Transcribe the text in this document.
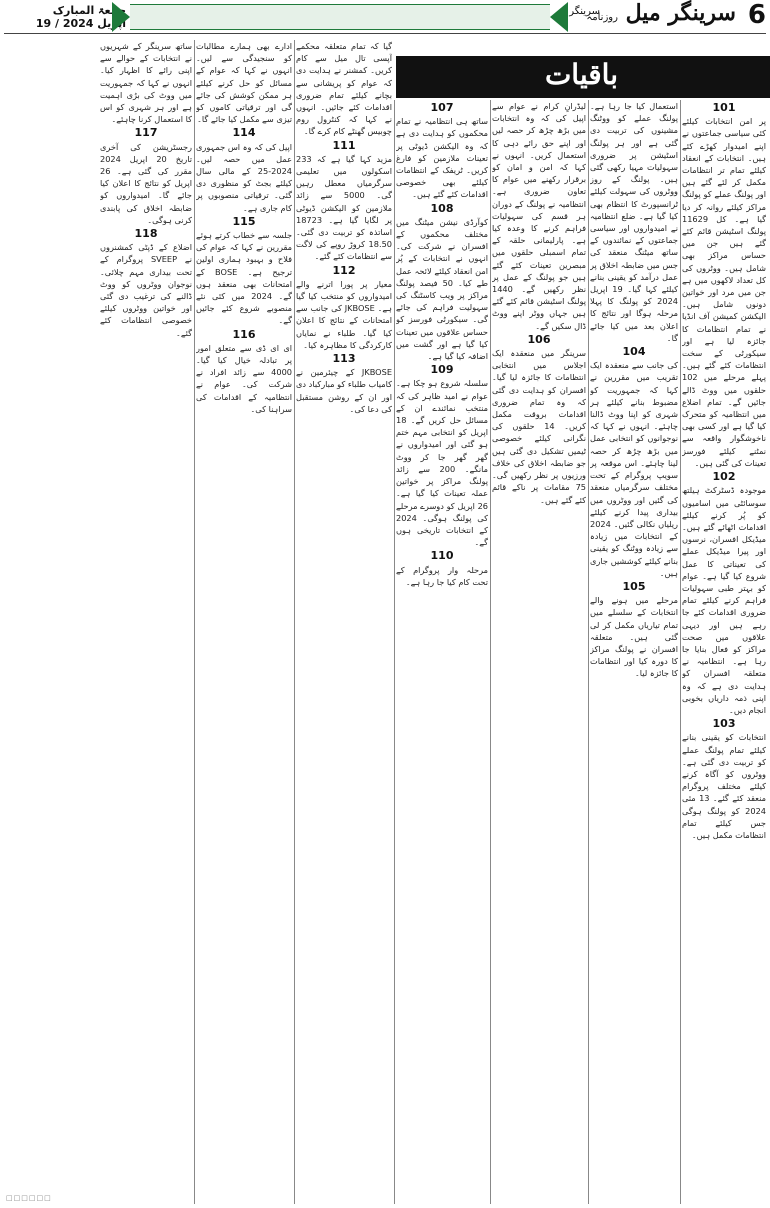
جمعۃ المبارک
19 / اپریل 2024
سرینگر	سرینگر میل روزنامہ	6
باقیات
101

پر امن انتخابات کیلئے کئی سیاسی جماعتوں نے اپنے امیدوار کھڑے کئے ہیں۔ انتخابات کے انعقاد کیلئے تمام تر انتظامات مکمل کر لئے گئے ہیں اور پولنگ عملے کو پولنگ مراکز کیلئے روانہ کر دیا گیا ہے۔ کل 11629 پولنگ اسٹیشن قائم کئے گئے ہیں جن میں حساس مراکز بھی شامل ہیں۔ ووٹروں کی کل تعداد لاکھوں میں ہے جن میں مرد اور خواتین دونوں شامل ہیں۔ الیکشن کمیشن آف انڈیا نے تمام انتظامات کا جائزہ لیا ہے اور سیکورٹی کے سخت انتظامات کئے گئے ہیں۔ پہلے مرحلے میں 102 حلقوں میں ووٹ ڈالے جائیں گے۔ تمام اضلاع میں انتظامیہ کو متحرک کیا گیا ہے اور کسی بھی ناخوشگوار واقعہ سے نمٹنے کیلئے فورسز تعینات کی گئی ہیں۔

102

موجودہ ڈسٹرکٹ ہیلتھ سوسائٹی میں اسامیوں کو پُر کرنے کیلئے اقدامات اٹھائے گئے ہیں۔ میڈیکل افسران، نرسوں اور پیرا میڈیکل عملے کی تعیناتی کا عمل شروع کیا گیا ہے۔ عوام کو بہتر طبی سہولیات فراہم کرنے کیلئے تمام ضروری اقدامات کئے جا رہے ہیں اور دیہی علاقوں میں صحت مراکز کو فعال بنایا جا رہا ہے۔ انتظامیہ نے متعلقہ افسران کو ہدایت دی ہے کہ وہ اپنی ذمہ داریاں بخوبی انجام دیں۔

103

انتخابات کو یقینی بنانے کیلئے تمام پولنگ عملے کو تربیت دی گئی ہے۔ ووٹروں کو آگاہ کرنے کیلئے مختلف پروگرام منعقد کئے گئے۔ 13 مئی 2024 کو پولنگ ہوگی جس کیلئے تمام انتظامات مکمل ہیں۔

استعمال کیا جا رہا ہے۔ پولنگ عملے کو ووٹنگ مشینوں کی تربیت دی گئی ہے اور ہر پولنگ اسٹیشن پر ضروری سہولیات مہیا رکھی گئی ہیں۔ پولنگ کے روز ووٹروں کی سہولت کیلئے ٹرانسپورٹ کا انتظام بھی کیا گیا ہے۔ ضلع انتظامیہ نے امیدواروں اور سیاسی جماعتوں کے نمائندوں کے ساتھ میٹنگ منعقد کی جس میں ضابطہ اخلاق پر عمل درآمد کو یقینی بنانے کیلئے کہا گیا۔ 19 اپریل 2024 کو پولنگ کا پہلا مرحلہ ہوگا اور نتائج کا اعلان بعد میں کیا جائے گا۔

104

کی جانب سے منعقدہ ایک تقریب میں مقررین نے کہا کہ جمہوریت کو مضبوط بنانے کیلئے ہر شہری کو اپنا ووٹ ڈالنا چاہئے۔ انہوں نے کہا کہ نوجوانوں کو انتخابی عمل میں بڑھ چڑھ کر حصہ لینا چاہئے۔ اس موقعہ پر سویپ پروگرام کے تحت مختلف سرگرمیاں منعقد کی گئیں اور ووٹروں میں بیداری پیدا کرنے کیلئے ریلیاں نکالی گئیں۔ 2024 کے انتخابات میں زیادہ سے زیادہ ووٹنگ کو یقینی بنانے کیلئے کوششیں جاری ہیں۔

105

مرحلے میں ہونے والے انتخابات کے سلسلے میں تمام تیاریاں مکمل کر لی گئی ہیں۔ متعلقہ افسران نے پولنگ مراکز کا دورہ کیا اور انتظامات کا جائزہ لیا۔

لیڈرانِ کرام نے عوام سے اپیل کی کہ وہ انتخابات میں بڑھ چڑھ کر حصہ لیں اور اپنے حق رائے دہی کا استعمال کریں۔ انہوں نے کہا کہ امن و امان کو برقرار رکھنے میں عوام کا تعاون ضروری ہے۔ انتظامیہ نے پولنگ کے دوران ہر قسم کی سہولیات فراہم کرنے کا وعدہ کیا ہے۔ پارلیمانی حلقہ کے تمام اسمبلی حلقوں میں مبصرین تعینات کئے گئے ہیں جو پولنگ کے عمل پر نظر رکھیں گے۔ 1440 پولنگ اسٹیشن قائم کئے گئے ہیں جہاں ووٹر اپنے ووٹ ڈال سکیں گے۔

106

سرینگر میں منعقدہ ایک اجلاس میں انتخابی انتظامات کا جائزہ لیا گیا۔ افسران کو ہدایت دی گئی کہ وہ تمام ضروری اقدامات بروقت مکمل کریں۔ 14 حلقوں کی نگرانی کیلئے خصوصی ٹیمیں تشکیل دی گئی ہیں جو ضابطہ اخلاق کی خلاف ورزیوں پر نظر رکھیں گی۔ 75 مقامات پر ناکے قائم کئے گئے ہیں۔

107

ساتھ ہی انتظامیہ نے تمام محکموں کو ہدایت دی ہے کہ وہ الیکشن ڈیوٹی پر تعینات ملازمین کو فارغ کریں۔ ٹریفک کے انتظامات کیلئے بھی خصوصی اقدامات کئے گئے ہیں۔

108

کوآرڈی نیشن میٹنگ میں مختلف محکموں کے افسران نے شرکت کی۔ انہوں نے انتخابات کے پُر امن انعقاد کیلئے لائحہ عمل طے کیا۔ 50 فیصد پولنگ مراکز پر ویب کاسٹنگ کی سہولیت فراہم کی جائے گی۔ سیکورٹی فورسز کو حساس علاقوں میں تعینات کیا گیا ہے اور گشت میں اضافہ کیا گیا ہے۔

109

سلسلہ شروع ہو چکا ہے۔ عوام نے امید ظاہر کی کہ منتخب نمائندے ان کے مسائل حل کریں گے۔ 18 اپریل کو انتخابی مہم ختم ہو گئی اور امیدواروں نے گھر گھر جا کر ووٹ مانگے۔ 200 سے زائد پولنگ مراکز پر خواتین عملہ تعینات کیا گیا ہے۔ 26 اپریل کو دوسرے مرحلے کی پولنگ ہوگی۔ 2024 کے انتخابات تاریخی ہوں گے۔

110

مرحلہ وار پروگرام کے تحت کام کیا جا رہا ہے۔

گیا کہ تمام متعلقہ محکمے آپسی تال میل سے کام کریں۔ کمشنر نے ہدایت دی کہ عوام کو پریشانی سے بچانے کیلئے تمام ضروری اقدامات کئے جائیں۔ انہوں نے کہا کہ کنٹرول روم چوبیس گھنٹے کام کرے گا۔

111

مزید کہا گیا ہے کہ 233 اسکولوں میں تعلیمی سرگرمیاں معطل رہیں گی۔ 5000 سے زائد ملازمین کو الیکشن ڈیوٹی پر لگایا گیا ہے۔ 18723 اساتذہ کو تربیت دی گئی۔ 18.50 کروڑ روپے کی لاگت سے انتظامات کئے گئے۔

112

معیار پر پورا اترنے والے امیدواروں کو منتخب کیا گیا ہے۔ JKBOSE کی جانب سے امتحانات کے نتائج کا اعلان کیا گیا۔ طلباء نے نمایاں کارکردگی کا مظاہرہ کیا۔

113

JKBOSE کے چیئرمین نے کامیاب طلباء کو مبارکباد دی اور ان کے روشن مستقبل کی دعا کی۔

ادارے بھی ہمارے مطالبات کو سنجیدگی سے لیں۔ انہوں نے کہا کہ عوام کے مسائل کو حل کرنے کیلئے ہر ممکن کوشش کی جائے گی اور ترقیاتی کاموں کو تیزی سے مکمل کیا جائے گا۔

114

اپیل کی کہ وہ اس جمہوری عمل میں حصہ لیں۔ 2024-25 کے مالی سال کیلئے بجٹ کو منظوری دی گئی۔ ترقیاتی منصوبوں پر کام جاری ہے۔

115

جلسہ سے خطاب کرتے ہوئے مقررین نے کہا کہ عوام کی فلاح و بہبود ہماری اولین ترجیح ہے۔ BOSE کے امتحانات بھی منعقد ہوں گے۔ 2024 میں کئی نئے منصوبے شروع کئے جائیں گے۔

116

ای ای ڈی سے متعلق امور پر تبادلہ خیال کیا گیا۔ 4000 سے زائد افراد نے شرکت کی۔ عوام نے انتظامیہ کے اقدامات کی سراہنا کی۔

ساتھ سرینگر کے شہریوں نے انتخابات کے حوالے سے اپنی رائے کا اظہار کیا۔ انہوں نے کہا کہ جمہوریت میں ووٹ کی بڑی اہمیت ہے اور ہر شہری کو اس کا استعمال کرنا چاہئے۔

117

رجسٹریشن کی آخری تاریخ 20 اپریل 2024 مقرر کی گئی ہے۔ 26 اپریل کو نتائج کا اعلان کیا جائے گا۔ امیدواروں کو ضابطہ اخلاق کی پابندی کرنی ہوگی۔

118

اضلاع کے ڈپٹی کمشنروں نے SVEEP پروگرام کے تحت بیداری مہم چلائی۔ نوجوان ووٹروں کو ووٹ ڈالنے کی ترغیب دی گئی اور خواتین ووٹروں کیلئے خصوصی انتظامات کئے گئے۔

□□□□□□
